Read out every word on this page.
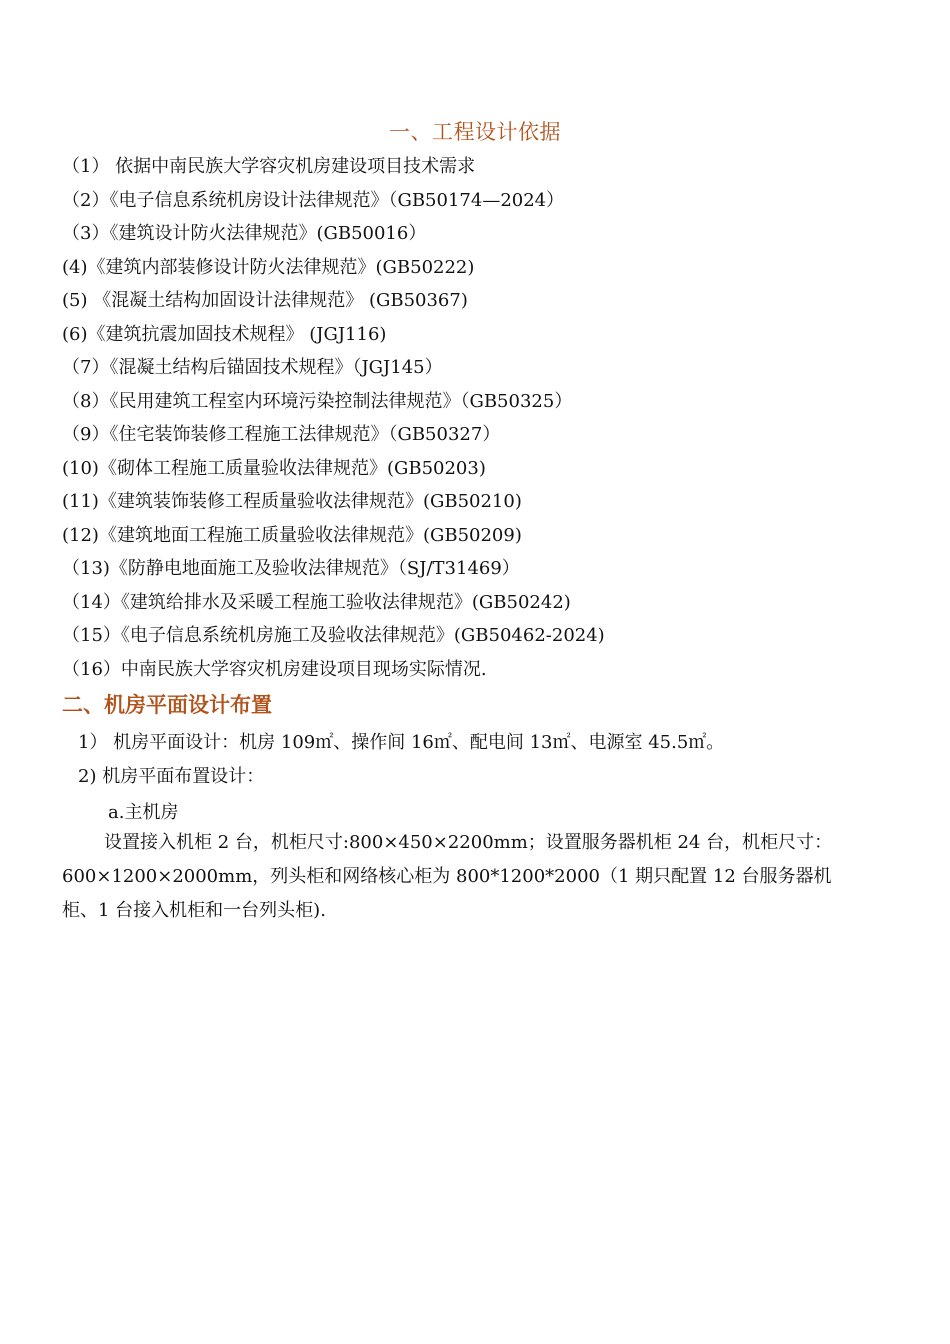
一、工程设计依据
（1） 依据中南民族大学容灾机房建设项目技术需求
（2）《电子信息系统机房设计法律规范》（GB50174—2024）
（3）《建筑设计防火法律规范》(GB50016）
(4)《建筑内部装修设计防火法律规范》(GB50222)
(5) 《混凝土结构加固设计法律规范》 (GB50367)
(6)《建筑抗震加固技术规程》 (JGJ116)
（7）《混凝土结构后锚固技术规程》（JGJ145）
（8）《民用建筑工程室内环境污染控制法律规范》（GB50325）
（9）《住宅装饰装修工程施工法律规范》（GB50327）
(10)《砌体工程施工质量验收法律规范》(GB50203)
(11)《建筑装饰装修工程质量验收法律规范》(GB50210)
(12)《建筑地面工程施工质量验收法律规范》(GB50209)
（13)《防静电地面施工及验收法律规范》（SJ/T31469）
（14）《建筑给排水及采暖工程施工验收法律规范》(GB50242)
（15）《电子信息系统机房施工及验收法律规范》(GB50462-2024)
（16）中南民族大学容灾机房建设项目现场实际情况.
二、机房平面设计布置
1） 机房平面设计：机房 109㎡、操作间 16㎡、配电间 13㎡、电源室 45.5㎡。
2) 机房平面布置设计：
a.主机房
设置接入机柜 2 台，机柜尺寸:800×450×2200mm；设置服务器机柜 24 台，机柜尺寸：600×1200×2000mm，列头柜和网络核心柜为 800*1200*2000（1 期只配置 12 台服务器机柜、1 台接入机柜和一台列头柜).
